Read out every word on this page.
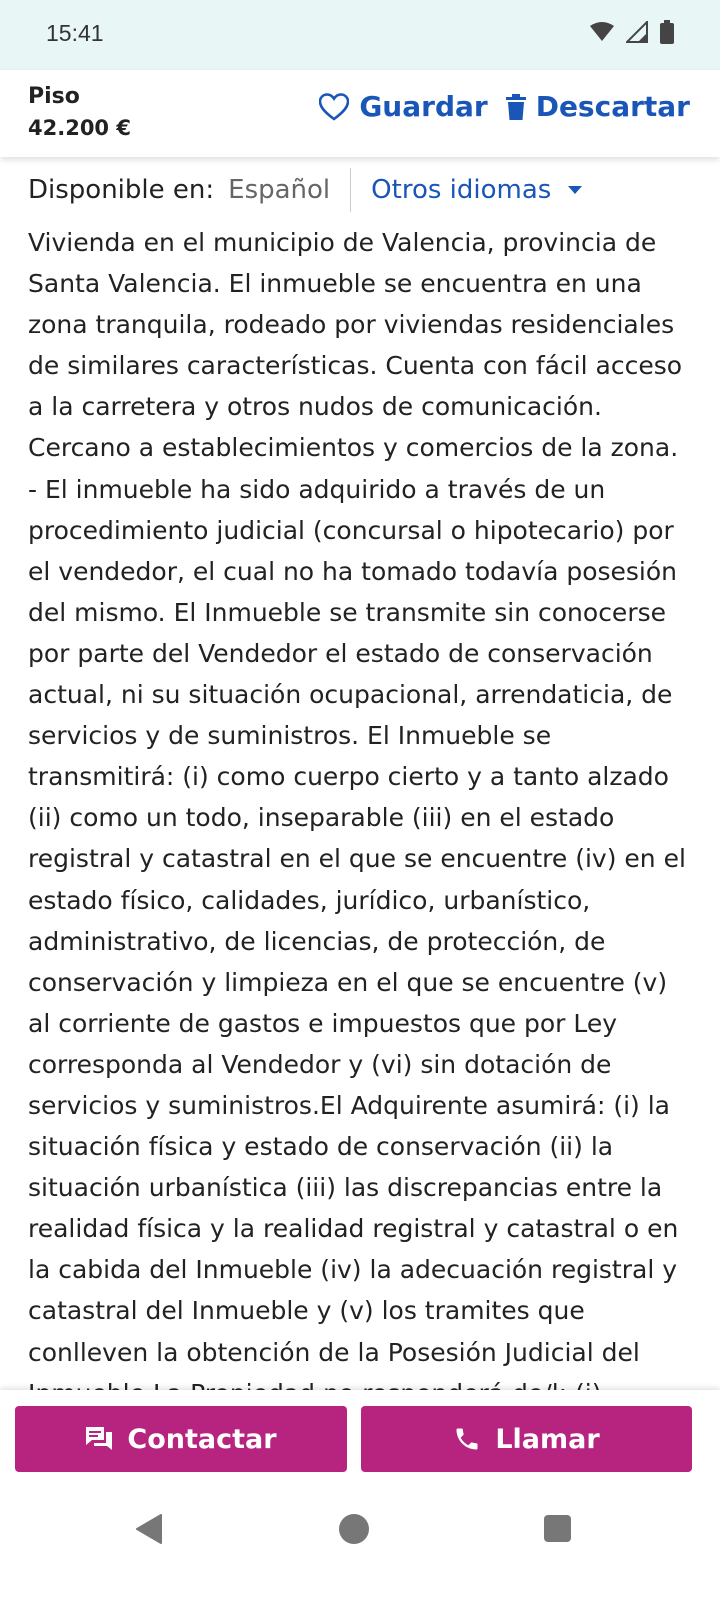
15:41
Piso
42.200 €
Guardar Descartar
Disponible en: Español Otros idiomas
Vivienda en el municipio de Valencia, provincia de Santa Valencia. El inmueble se encuentra en una zona tranquila, rodeado por viviendas residenciales de similares características. Cuenta con fácil acceso a la carretera y otros nudos de comunicación. Cercano a establecimientos y comercios de la zona. - El inmueble ha sido adquirido a través de un procedimiento judicial (concursal o hipotecario) por el vendedor, el cual no ha tomado todavía posesión del mismo. El Inmueble se transmite sin conocerse por parte del Vendedor el estado de conservación actual, ni su situación ocupacional, arrendaticia, de servicios y de suministros. El Inmueble se transmitirá: (i) como cuerpo cierto y a tanto alzado (ii) como un todo, inseparable (iii) en el estado registral y catastral en el que se encuentre (iv) en el estado físico, calidades, jurídico, urbanístico, administrativo, de licencias, de protección, de conservación y limpieza en el que se encuentre (v) al corriente de gastos e impuestos que por Ley corresponda al Vendedor y (vi) sin dotación de servicios y suministros.El Adquirente asumirá: (i) la situación física y estado de conservación (ii) la situación urbanística (iii) las discrepancias entre la realidad física y la realidad registral y catastral o en la cabida del Inmueble (iv) la adecuación registral y catastral del Inmueble y (v) los tramites que conlleven la obtención de la Posesión Judicial del
Contactar	Llamar
